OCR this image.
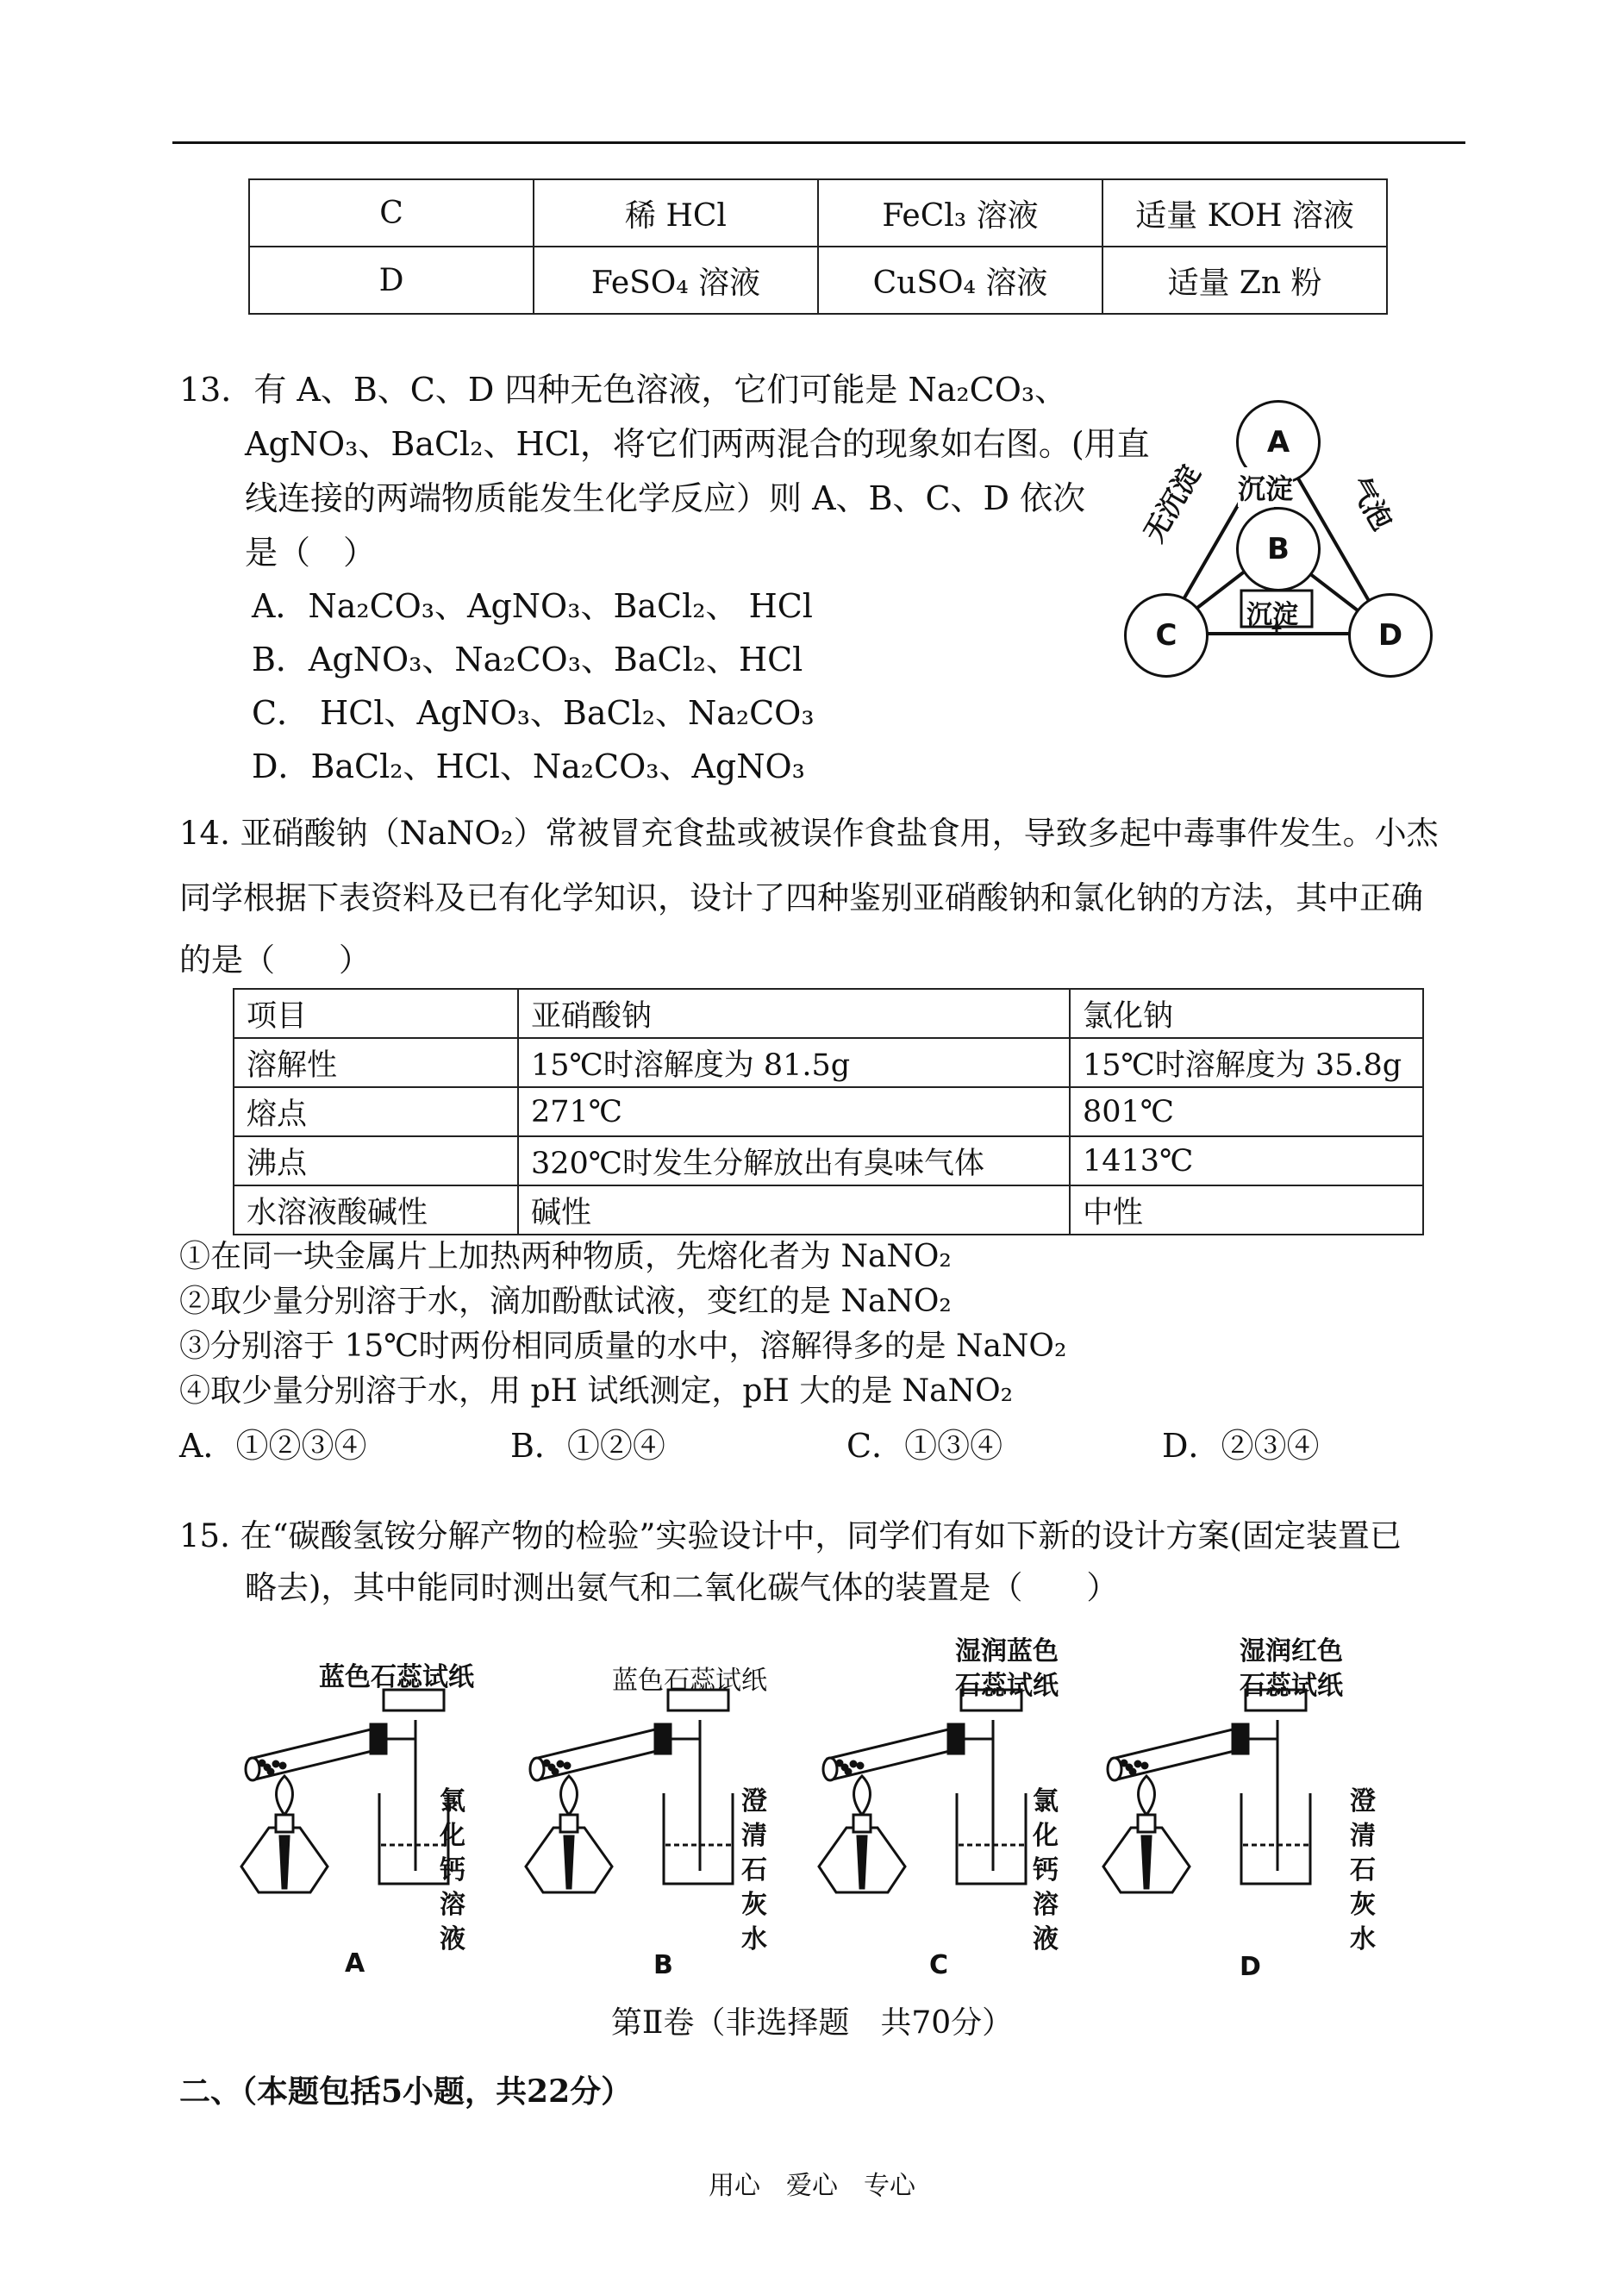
C	稀 HCl	FeCl₃ 溶液	适量 KOH 溶液
D	FeSO₄ 溶液	CuSO₄ 溶液	适量 Zn 粉
13．有 A、B、C、D 四种无色溶液，它们可能是 Na₂CO₃、
AgNO₃、BaCl₂、HCl，将它们两两混合的现象如右图。(用直
线连接的两端物质能发生化学反应）则 A、B、C、D 依次
是（　）
A．Na₂CO₃、AgNO₃、BaCl₂、 HCl
B．AgNO₃、Na₂CO₃、BaCl₂、HCl
C． HCl、AgNO₃、BaCl₂、Na₂CO₃
D．BaCl₂、HCl、Na₂CO₃、AgNO₃
A
B
C	D
无沉淀 沉淀 气泡
沉淀
14. 亚硝酸钠（NaNO₂）常被冒充食盐或被误作食盐食用，导致多起中毒事件发生。小杰
同学根据下表资料及已有化学知识，设计了四种鉴别亚硝酸钠和氯化钠的方法，其中正确
的是（　　）
项目	亚硝酸钠	氯化钠
溶解性	15℃时溶解度为 81.5g	15℃时溶解度为 35.8g
熔点	271℃	801℃
沸点	320℃时发生分解放出有臭味气体	1413℃
水溶液酸碱性	碱性	中性
①在同一块金属片上加热两种物质，先熔化者为 NaNO₂
②取少量分别溶于水，滴加酚酞试液，变红的是 NaNO₂
③分别溶于 15℃时两份相同质量的水中，溶解得多的是 NaNO₂
④取少量分别溶于水，用 pH 试纸测定，pH 大的是 NaNO₂
A．①②③④	B．①②④	C．①③④	D．②③④
15. 在“碳酸氢铵分解产物的检验”实验设计中，同学们有如下新的设计方案(固定装置已
略去)，其中能同时测出氨气和二氧化碳气体的装置是（　　）
蓝色石蕊试纸
氯化钙溶液
A
蓝色石蕊试纸
澄清石灰水
B
湿润蓝色
石蕊试纸
氯化钙溶液
C
湿润红色
石蕊试纸
澄清石灰水
D
第Ⅱ卷（非选择题　共70分）
二、（本题包括5小题，共22分）
用心　爱心　专心
